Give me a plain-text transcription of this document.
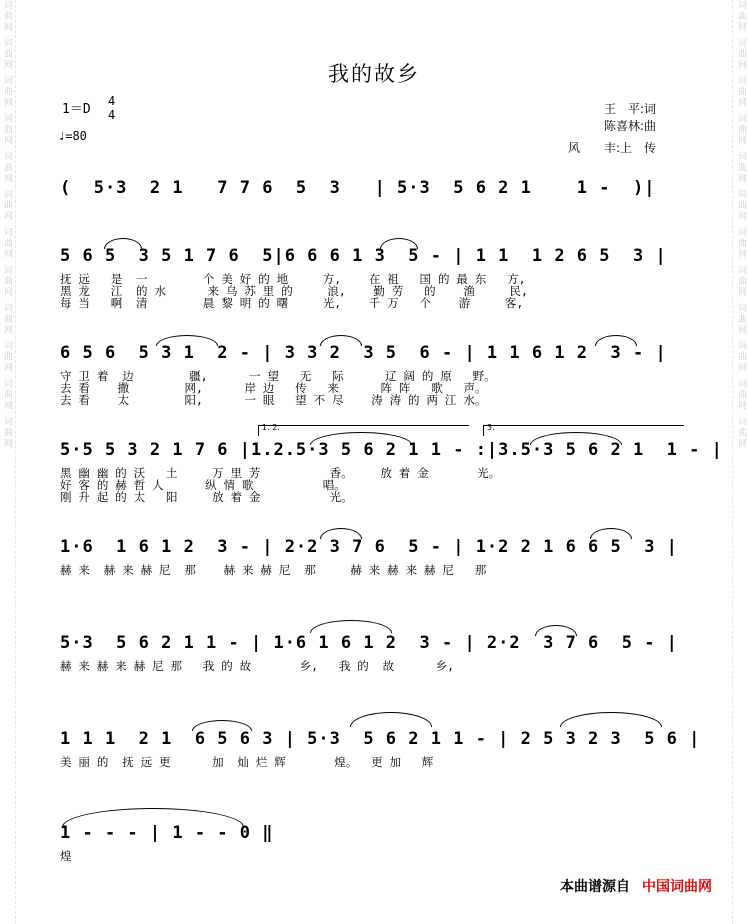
词曲网 词曲网 词曲网 词曲网 词曲网 词曲网 词曲网 词曲网 词曲网 词曲网 词曲网 词曲网	词曲网 词曲网 词曲网 词曲网 词曲网 词曲网 词曲网 词曲网 词曲网 词曲网 词曲网 词曲网
我的故乡
1＝D
4
4
♩=80
王　平:词
陈喜林:曲
风　　丰:上　传
(  5·3  2 1   7 7 6  5  3   | 5·3  5 6 2 1    1 -  )|
5 6 5  3 5 1 7 6  5|6 6 6 1 3  5 - | 1 1  1 2 6 5  3 |
抚 远   是  一        个 美 好 的 地     方,    在 祖   国 的 最 东   方,
黑 龙   江  的 水      来 乌 苏 里 的     浪,    勤 劳   的    渔     民,
每 当   啊  清        晨 黎 明 的 曙     光,    千 万   个    游     客,
6 5 6  5 3 1  2 - | 3 3 2  3 5  6 - | 1 1 6 1 2  3 - |
守 卫 着  边        疆,      一 望   无   际      辽 阔 的 原   野。
去 看    撒        网,      岸 边   传   来      阵 阵   歌   声。
去 看    太        阳,      一 眼   望 不 尽    涛 涛 的 两 江 水。
5·5 5 3 2 1 7 6 |1.2.5·3 5 6 2 1 1 - :|3.5·3 5 6 2 1  1 - |
黑 幽 幽 的 沃   土     万 里 芳          香。    放 着 金       光。
好 客 的 赫 哲 人      纵 情 歌          唱。
刚 升 起 的 太   阳     放 着 金          光。
1·6  1 6 1 2  3 - | 2·2 3 7 6  5 - | 1·2 2 1 6 6 5  3 |
赫 来  赫 来 赫 尼  那    赫 来 赫 尼  那     赫 来 赫 来 赫 尼   那
5·3  5 6 2 1 1 - | 1·6 1 6 1 2  3 - | 2·2  3 7 6  5 - |
赫 来 赫 来 赫 尼 那   我 的 故       乡,   我 的  故      乡,
1 1 1  2 1  6 5 6 3 | 5·3  5 6 2 1 1 - | 2 5 3 2 3  5 6 |
美 丽 的  抚 远 更      加  灿 烂 辉       煌。  更 加   辉
1 - - - | 1 - - 0 ‖
煌
1. 2.	3.
本曲谱源自 中国词曲网
